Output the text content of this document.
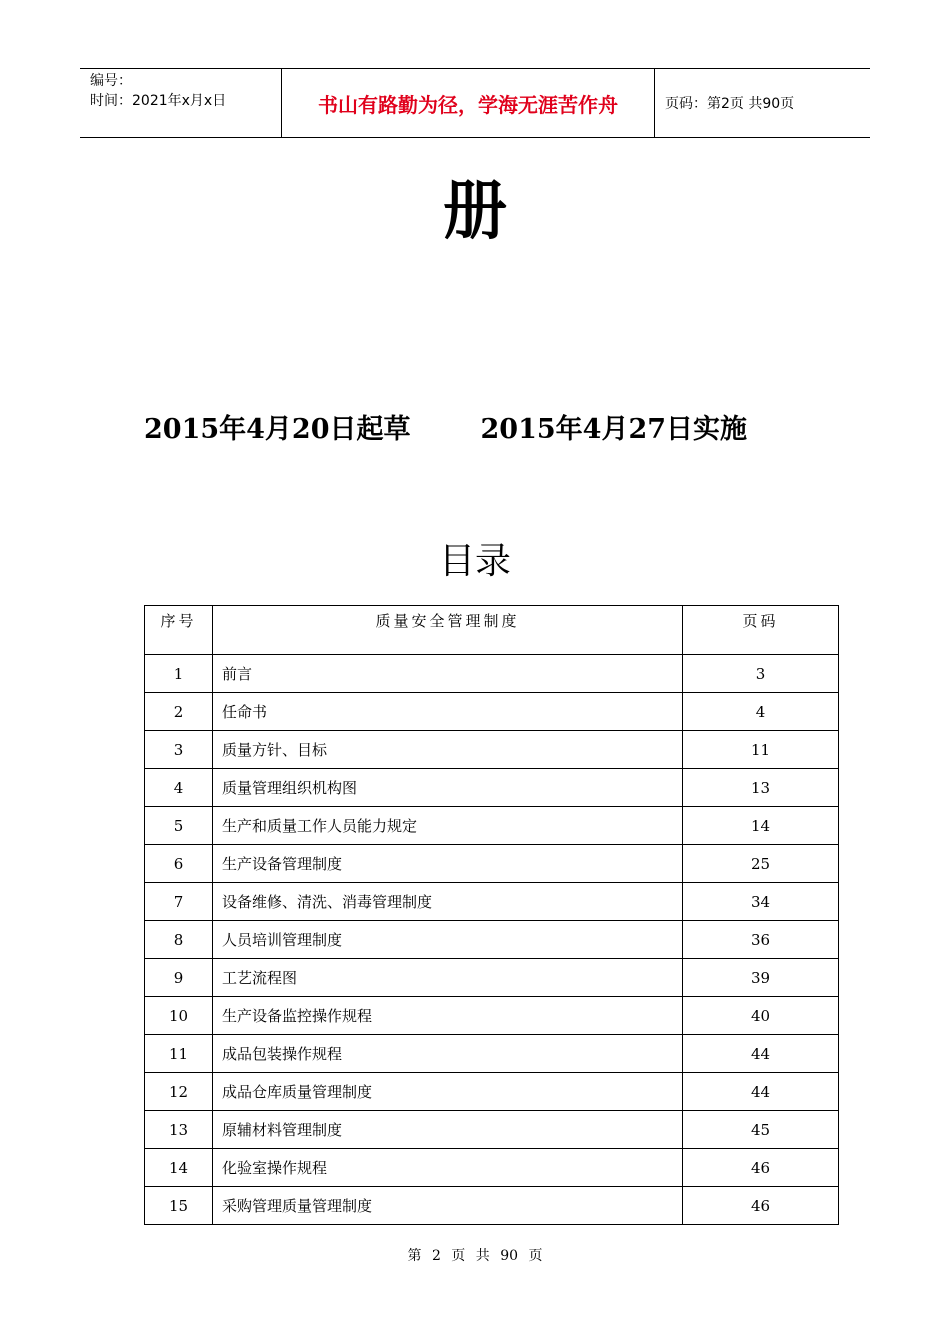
编号：
时间：2021年x月x日	书山有路勤为径，学海无涯苦作舟	页码：第2页 共90页
册
2015年4月20日起草	2015年4月27日实施
目录
序号	质量安全管理制度	页码
1	前言	3
2	任命书	4
3	质量方针、目标	11
4	质量管理组织机构图	13
5	生产和质量工作人员能力规定	14
6	生产设备管理制度	25
7	设备维修、清洗、消毒管理制度	34
8	人员培训管理制度	36
9	工艺流程图	39
10	生产设备监控操作规程	40
11	成品包装操作规程	44
12	成品仓库质量管理制度	44
13	原辅材料管理制度	45
14	化验室操作规程	46
15	采购管理质量管理制度	46
第 2 页 共 90 页
